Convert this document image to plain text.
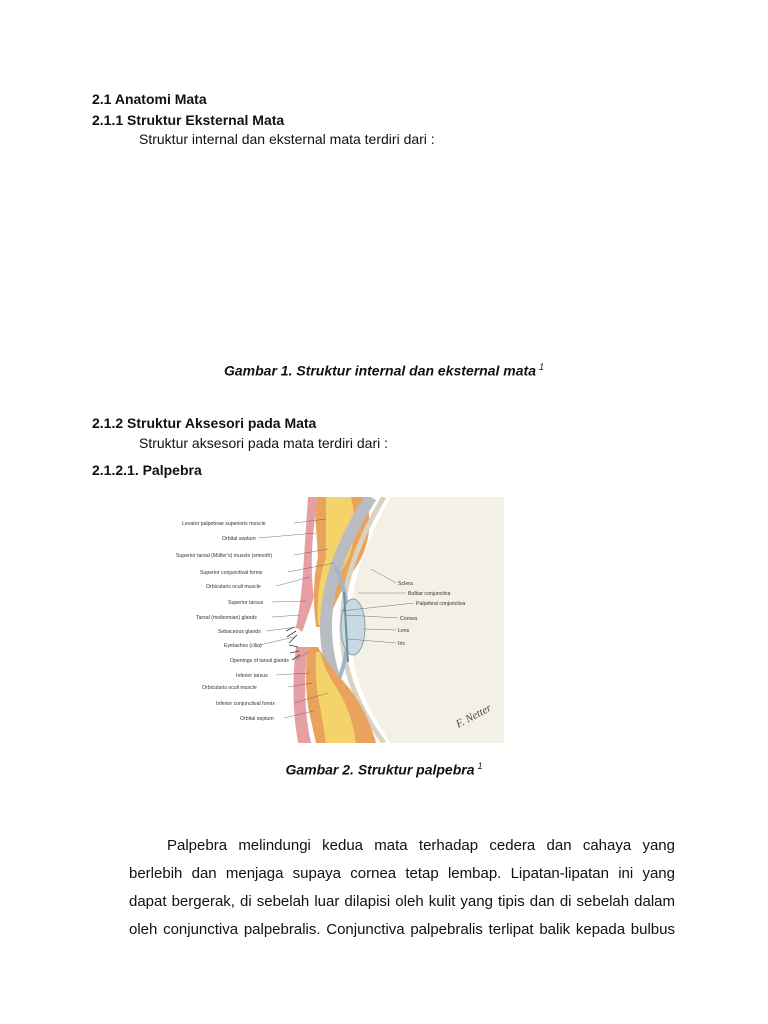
2.1 Anatomi Mata
2.1.1 Struktur Eksternal Mata
Struktur internal dan eksternal mata terdiri dari :
Gambar 1. Struktur internal dan eksternal mata $^1$
2.1.2 Struktur Aksesori pada Mata
Struktur aksesori pada mata terdiri dari :
2.1.2.1. Palpebra
Levator palpebrae superioris muscle
Orbital septum
Superior tarsal (Müller's) muscle (smooth)
Superior conjunctival fornix
Orbicularis oculi muscle
Superior tarsus
Tarsal (meibomian) glands
Sebaceous glands
Eyelashes (cilia)
Openings of tarsal glands
Inferior tarsus
Orbicularis oculi muscle
Inferior conjunctival fornix
Orbital septum
Sclera
Bulbar conjunctiva
Palpebral conjunctiva
Cornea
Lens
Iris
F. Netter
Gambar 2. Struktur palpebra $^1$
Palpebra melindungi kedua mata terhadap cedera dan cahaya yang
berlebih dan menjaga supaya cornea tetap lembap. Lipatan-lipatan ini yang
dapat bergerak, di sebelah luar dilapisi oleh kulit yang tipis dan di sebelah dalam
oleh conjunctiva palpebralis. Conjunctiva palpebralis terlipat balik kepada bulbus
